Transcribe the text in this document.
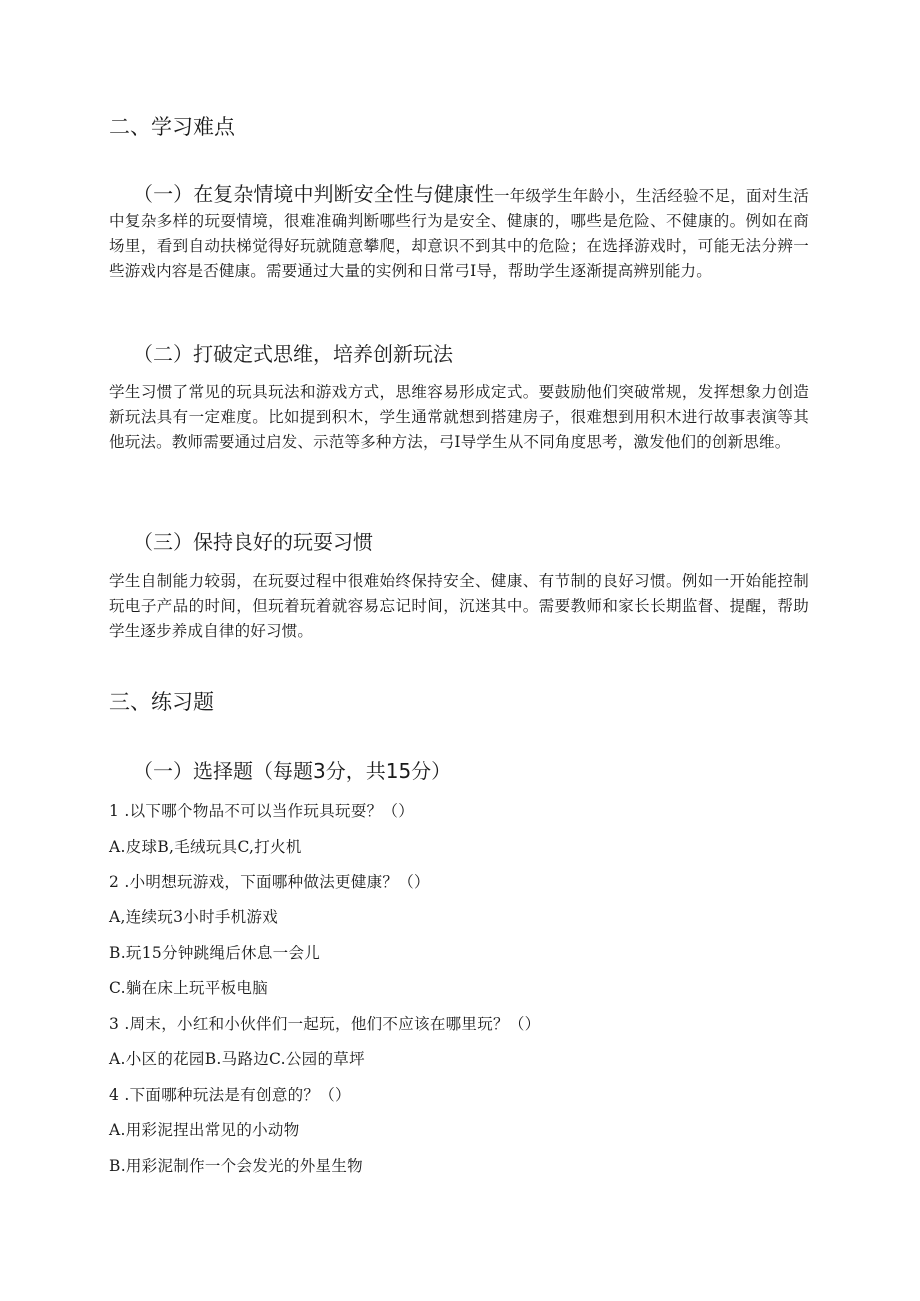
二、学习难点
（一）在复杂情境中判断安全性与健康性一年级学生年龄小，生活经验不足，面对生活中复杂多样的玩耍情境，很难准确判断哪些行为是安全、健康的，哪些是危险、不健康的。例如在商场里，看到自动扶梯觉得好玩就随意攀爬，却意识不到其中的危险；在选择游戏时，可能无法分辨一些游戏内容是否健康。需要通过大量的实例和日常弓I导，帮助学生逐渐提高辨别能力。
（二）打破定式思维，培养创新玩法
学生习惯了常见的玩具玩法和游戏方式，思维容易形成定式。要鼓励他们突破常规，发挥想象力创造新玩法具有一定难度。比如提到积木，学生通常就想到搭建房子，很难想到用积木进行故事表演等其他玩法。教师需要通过启发、示范等多种方法，弓I导学生从不同角度思考，激发他们的创新思维。
（三）保持良好的玩耍习惯
学生自制能力较弱，在玩耍过程中很难始终保持安全、健康、有节制的良好习惯。例如一开始能控制玩电子产品的时间，但玩着玩着就容易忘记时间，沉迷其中。需要教师和家长长期监督、提醒，帮助学生逐步养成自律的好习惯。
三、练习题
（一）选择题（每题3分，共15分）
1 .以下哪个物品不可以当作玩具玩耍？（）
A.皮球B,毛绒玩具C,打火机
2 .小明想玩游戏，下面哪种做法更健康？（）
A,连续玩3小时手机游戏
B.玩15分钟跳绳后休息一会儿
C.躺在床上玩平板电脑
3 .周末，小红和小伙伴们一起玩，他们不应该在哪里玩？（）
A.小区的花园B.马路边C.公园的草坪
4 .下面哪种玩法是有创意的？（）
A.用彩泥捏出常见的小动物
B.用彩泥制作一个会发光的外星生物
